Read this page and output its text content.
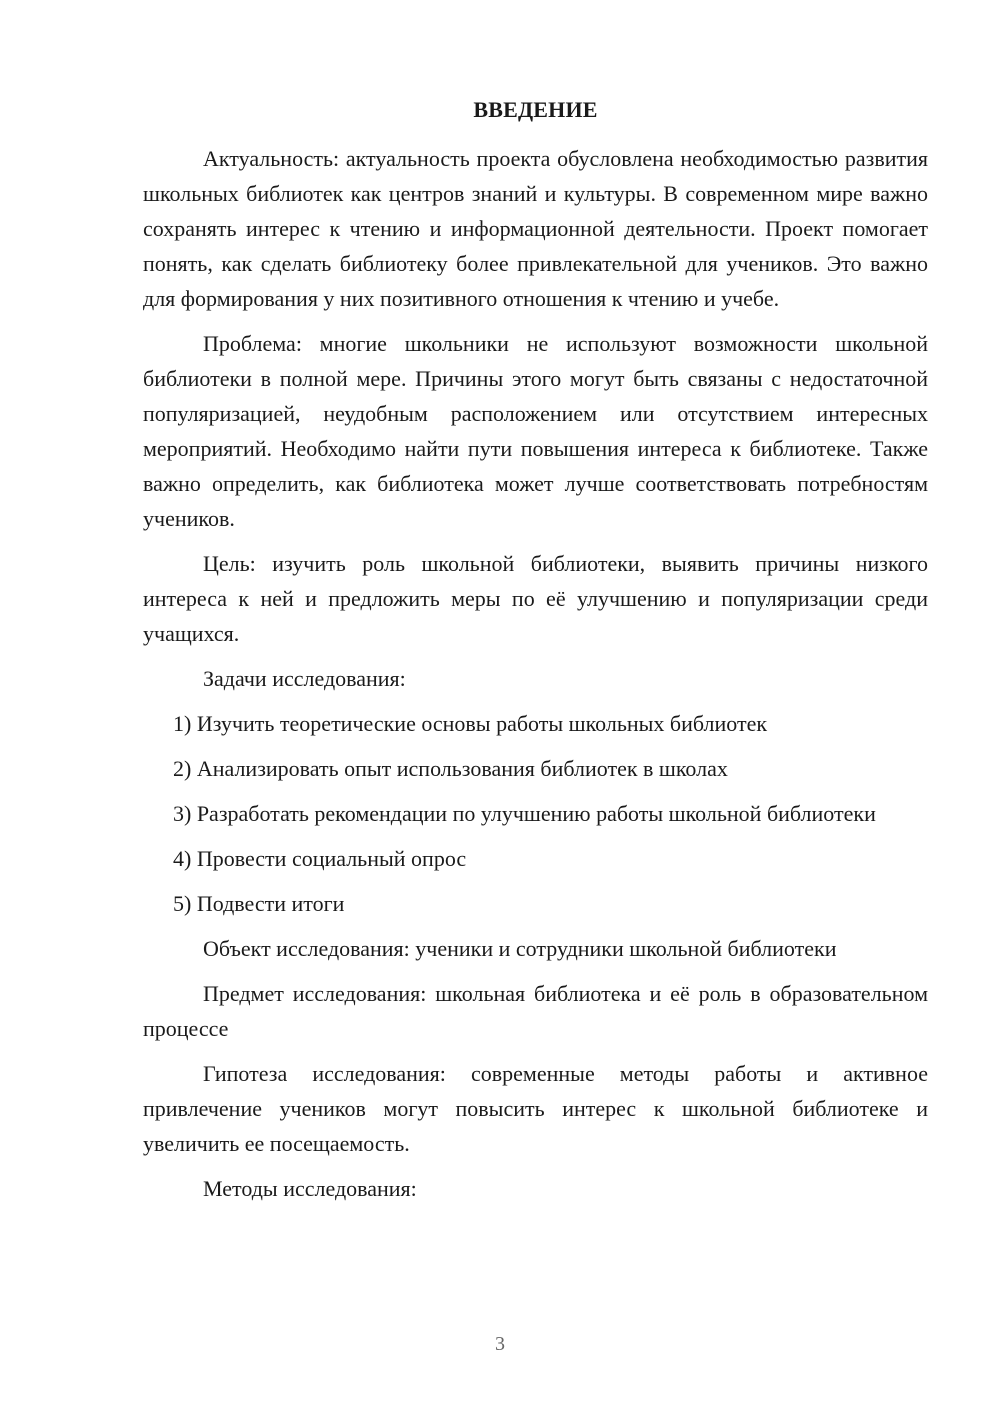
ВВЕДЕНИЕ

Актуальность: актуальность проекта обусловлена необходимостью развития школьных библиотек как центров знаний и культуры. В современном мире важно сохранять интерес к чтению и информационной деятельности. Проект помогает понять, как сделать библиотеку более привлекательной для учеников. Это важно для формирования у них позитивного отношения к чтению и учебе.

Проблема: многие школьники не используют возможности школьной библиотеки в полной мере. Причины этого могут быть связаны с недостаточной популяризацией, неудобным расположением или отсутствием интересных мероприятий. Необходимо найти пути повышения интереса к библиотеке. Также важно определить, как библиотека может лучше соответствовать потребностям учеников.

Цель: изучить роль школьной библиотеки, выявить причины низкого интереса к ней и предложить меры по её улучшению и популяризации среди учащихся.

Задачи исследования:

1) Изучить теоретические основы работы школьных библиотек

2) Анализировать опыт использования библиотек в школах

3) Разработать рекомендации по улучшению работы школьной библиотеки

4) Провести социальный опрос

5) Подвести итоги

Объект исследования: ученики и сотрудники школьной библиотеки

Предмет исследования: школьная библиотека и её роль в образовательном процессе

Гипотеза исследования: современные методы работы и активное привлечение учеников могут повысить интерес к школьной библиотеке и увеличить ее посещаемость.

Методы исследования:

3
